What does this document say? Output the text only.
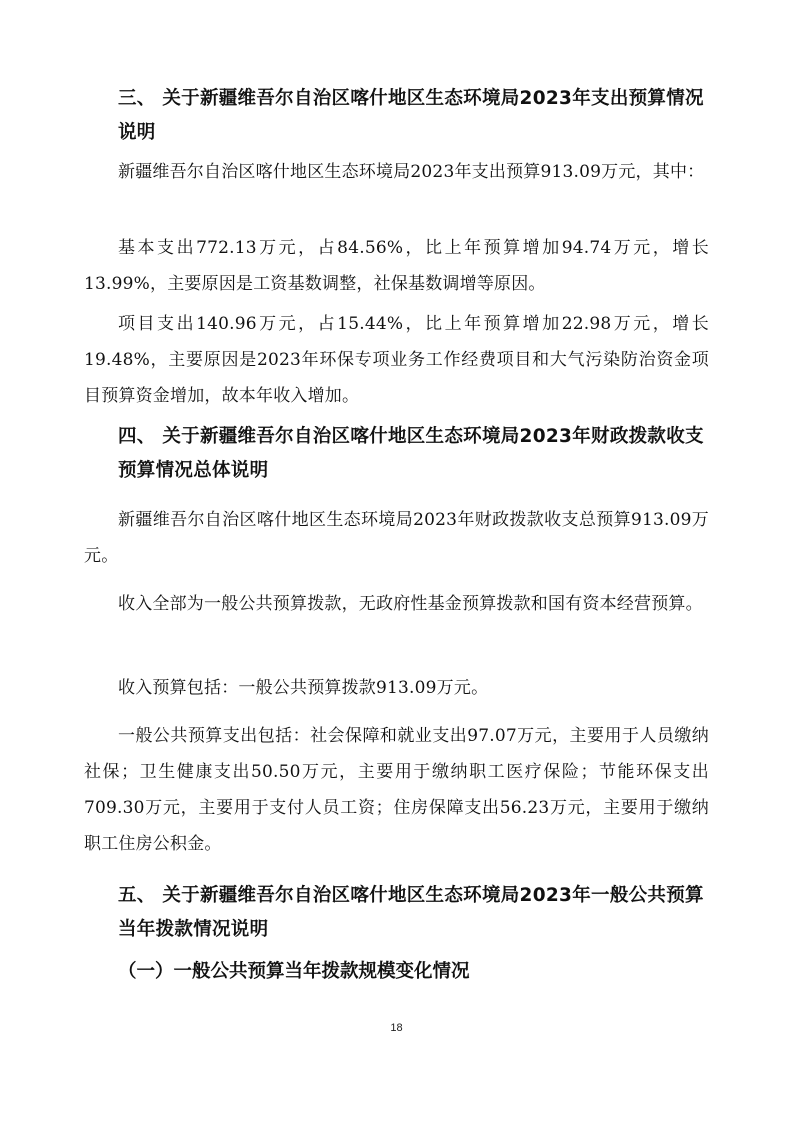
三、 关于新疆维吾尔自治区喀什地区生态环境局2023年支出预算情况说明

新疆维吾尔自治区喀什地区生态环境局2023年支出预算913.09万元，其中：

基本支出772.13万元，占84.56%，比上年预算增加94.74万元，增长13.99%，主要原因是工资基数调整，社保基数调增等原因。

项目支出140.96万元，占15.44%，比上年预算增加22.98万元，增长19.48%，主要原因是2023年环保专项业务工作经费项目和大气污染防治资金项目预算资金增加，故本年收入增加。

四、 关于新疆维吾尔自治区喀什地区生态环境局2023年财政拨款收支预算情况总体说明

新疆维吾尔自治区喀什地区生态环境局2023年财政拨款收支总预算913.09万元。

收入全部为一般公共预算拨款，无政府性基金预算拨款和国有资本经营预算。

收入预算包括：一般公共预算拨款913.09万元。

一般公共预算支出包括：社会保障和就业支出97.07万元，主要用于人员缴纳社保；卫生健康支出50.50万元，主要用于缴纳职工医疗保险；节能环保支出709.30万元，主要用于支付人员工资；住房保障支出56.23万元，主要用于缴纳职工住房公积金。

五、 关于新疆维吾尔自治区喀什地区生态环境局2023年一般公共预算当年拨款情况说明

（一）一般公共预算当年拨款规模变化情况

18
